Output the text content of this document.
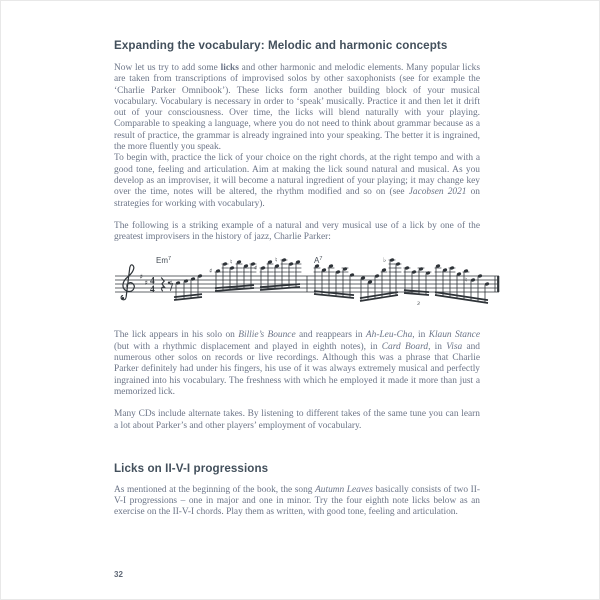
Expanding the vocabulary: Melodic and harmonic concepts

Now let us try to add some licks and other harmonic and melodic elements. Many popular licks are taken from transcriptions of improvised solos by other saxophonists (see for example the ‘Charlie Parker Omnibook’). These licks form another building block of your musical vocabulary. Vocabulary is necessary in order to ‘speak’ musically. Practice it and then let it drift out of your consciousness. Over time, the licks will blend naturally with your playing. Comparable to speaking a language, where you do not need to think about grammar because as a result of practice, the grammar is already ingrained into your speaking. The better it is ingrained, the more fluently you speak.

To begin with, practice the lick of your choice on the right chords, at the right tempo and with a good tone, feeling and articulation. Aim at making the lick sound natural and musical. As you develop as an improviser, it will become a natural ingredient of your playing; it may change key over the time, notes will be altered, the rhythm modified and so on (see Jacobsen 2021 on strategies for working with vocabulary).

The following is a striking example of a natural and very musical use of a lick by one of the greatest improvisers in the history of jazz, Charlie Parker:

♯
♯ 4
4
Em$^7$	$A^7$
♯
♯
♮
♯
♮	♭
♮
3

The lick appears in his solo on Billie’s Bounce and reappears in Ah-Leu-Cha, in Klaun Stance (but with a rhythmic displacement and played in eighth notes), in Card Board, in Visa and numerous other solos on records or live recordings. Although this was a phrase that Charlie Parker definitely had under his fingers, his use of it was always extremely musical and perfectly ingrained into his vocabulary. The freshness with which he employed it made it more than just a memorized lick.

Many CDs include alternate takes. By listening to different takes of the same tune you can learn a lot about Parker’s and other players’ employment of vocabulary.

Licks on II-V-I progressions

As mentioned at the beginning of the book, the song Autumn Leaves basically consists of two II-V-I progressions – one in major and one in minor. Try the four eighth note licks below as an exercise on the II-V-I chords. Play them as written, with good tone, feeling and articulation.

32
